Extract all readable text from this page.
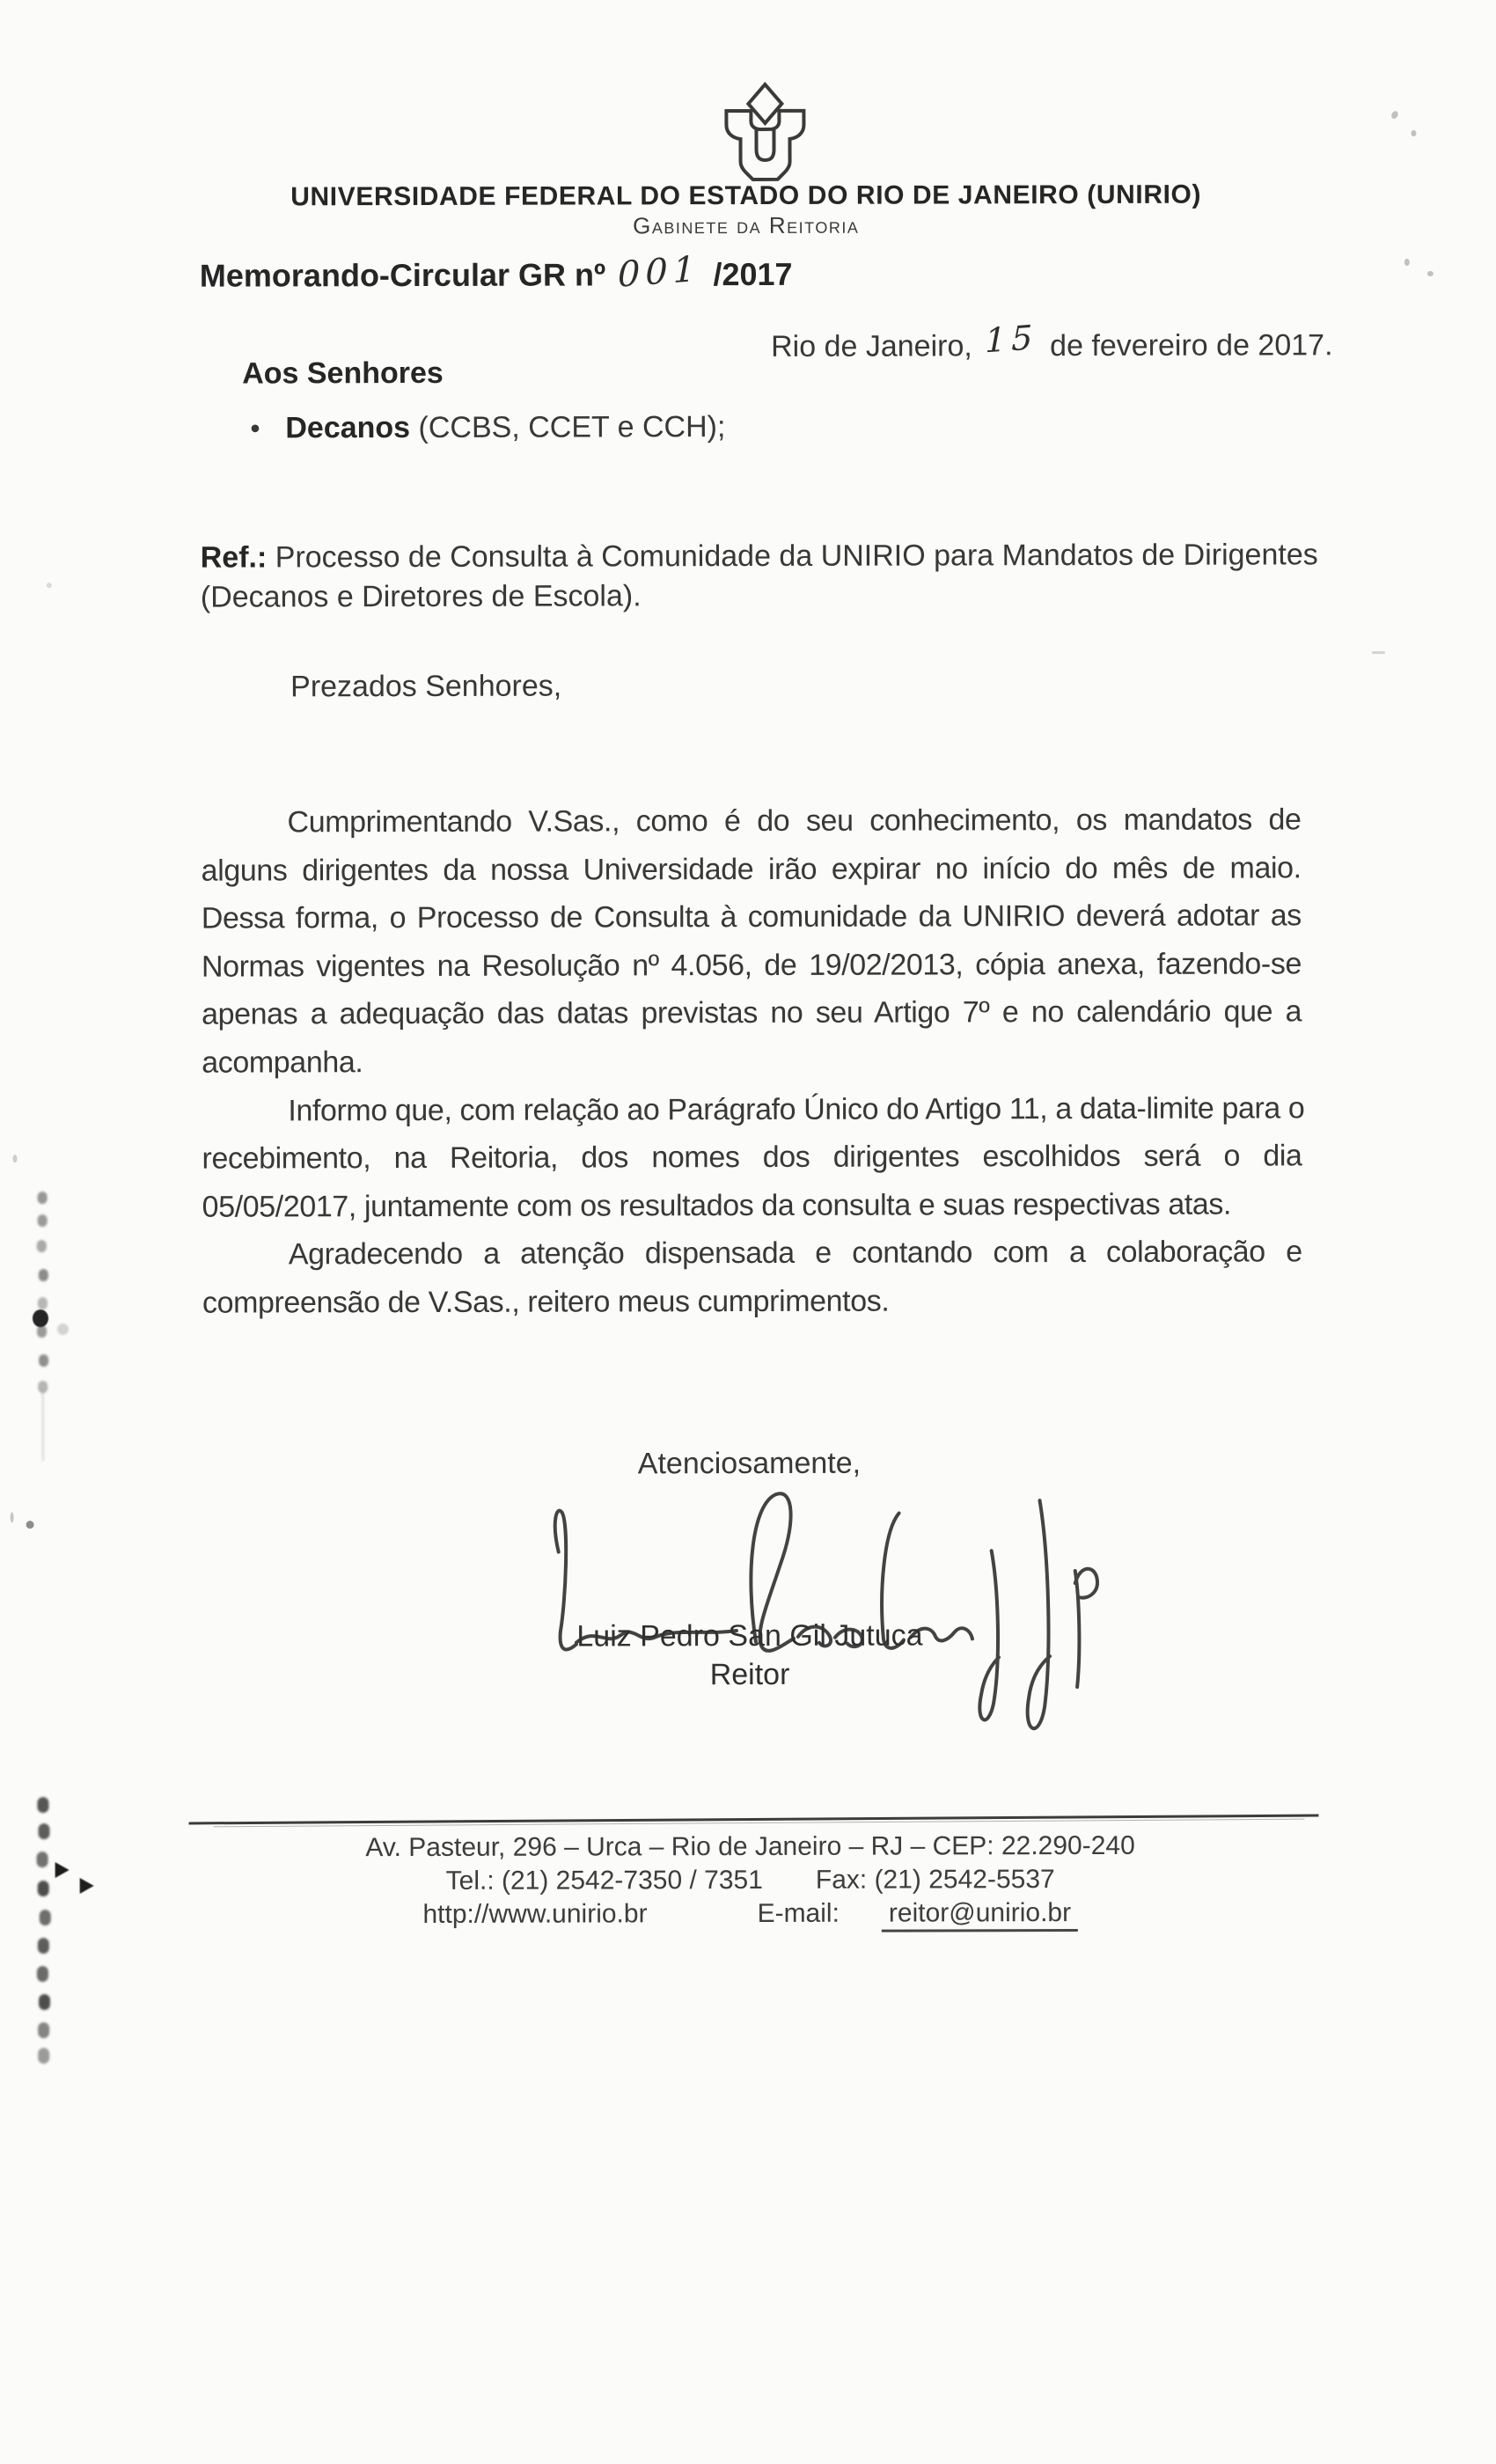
UNIVERSIDADE FEDERAL DO ESTADO DO RIO DE JANEIRO (UNIRIO)
Gabinete da Reitoria
Memorando-Circular GR nº 001 /2017
Rio de Janeiro, 15 de fevereiro de 2017.
Aos Senhores
• Decanos (CCBS, CCET e CCH);
Ref.: Processo de Consulta à Comunidade da UNIRIO para Mandatos de Dirigentes
(Decanos e Diretores de Escola).
Prezados Senhores,
Cumprimentando V.Sas., como é do seu conhecimento, os mandatos de
alguns dirigentes da nossa Universidade irão expirar no início do mês de maio.
Dessa forma, o Processo de Consulta à comunidade da UNIRIO deverá adotar as
Normas vigentes na Resolução nº 4.056, de 19/02/2013, cópia anexa, fazendo-se
apenas a adequação das datas previstas no seu Artigo 7º e no calendário que a
acompanha.
Informo que, com relação ao Parágrafo Único do Artigo 11, a data-limite para o
recebimento, na Reitoria, dos nomes dos dirigentes escolhidos será o dia
05/05/2017, juntamente com os resultados da consulta e suas respectivas atas.
Agradecendo a atenção dispensada e contando com a colaboração e
compreensão de V.Sas., reitero meus cumprimentos.
Atenciosamente,
Luiz Pedro San Gil Jutuca
Reitor
Av. Pasteur, 296 – Urca – Rio de Janeiro – RJ – CEP: 22.290-240
Tel.: (21) 2542-7350 / 7351 Fax: (21) 2542-5537
http://www.unirio.br	E-mail: reitor@unirio.br
